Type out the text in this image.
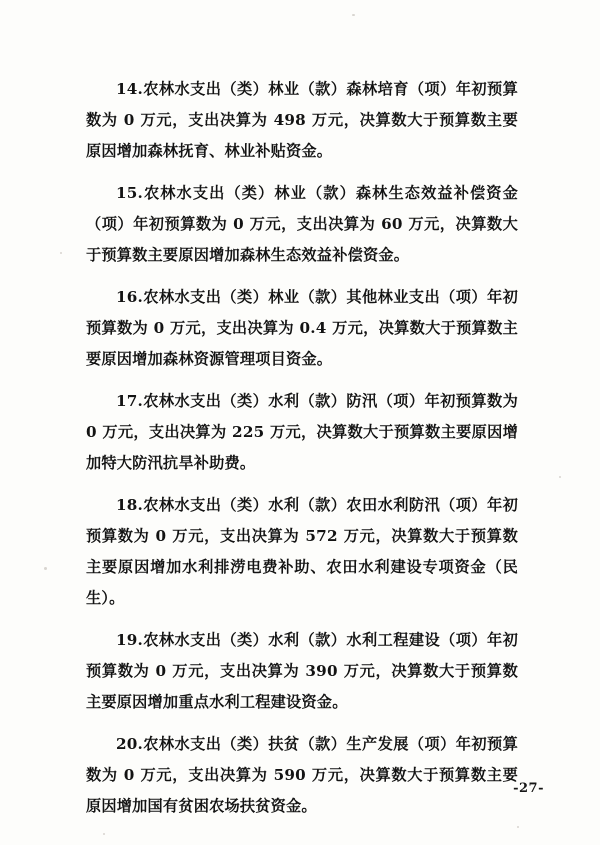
14.农林水支出（类）林业（款）森林培育（项）年初预算数为 0 万元，支出决算为 498 万元，决算数大于预算数主要原因增加森林抚育、林业补贴资金。

15.农林水支出（类）林业（款）森林生态效益补偿资金（项）年初预算数为 0 万元，支出决算为 60 万元，决算数大于预算数主要原因增加森林生态效益补偿资金。

16.农林水支出（类）林业（款）其他林业支出（项）年初预算数为 0 万元，支出决算为 0.4 万元，决算数大于预算数主要原因增加森林资源管理项目资金。

17.农林水支出（类）水利（款）防汛（项）年初预算数为 0 万元，支出决算为 225 万元，决算数大于预算数主要原因增加特大防汛抗旱补助费。

18.农林水支出（类）水利（款）农田水利防汛（项）年初预算数为 0 万元，支出决算为 572 万元，决算数大于预算数主要原因增加水利排涝电费补助、农田水利建设专项资金（民生）。

19.农林水支出（类）水利（款）水利工程建设（项）年初预算数为 0 万元，支出决算为 390 万元，决算数大于预算数主要原因增加重点水利工程建设资金。

20.农林水支出（类）扶贫（款）生产发展（项）年初预算数为 0 万元，支出决算为 590 万元，决算数大于预算数主要原因增加国有贫困农场扶贫资金。

-27-
